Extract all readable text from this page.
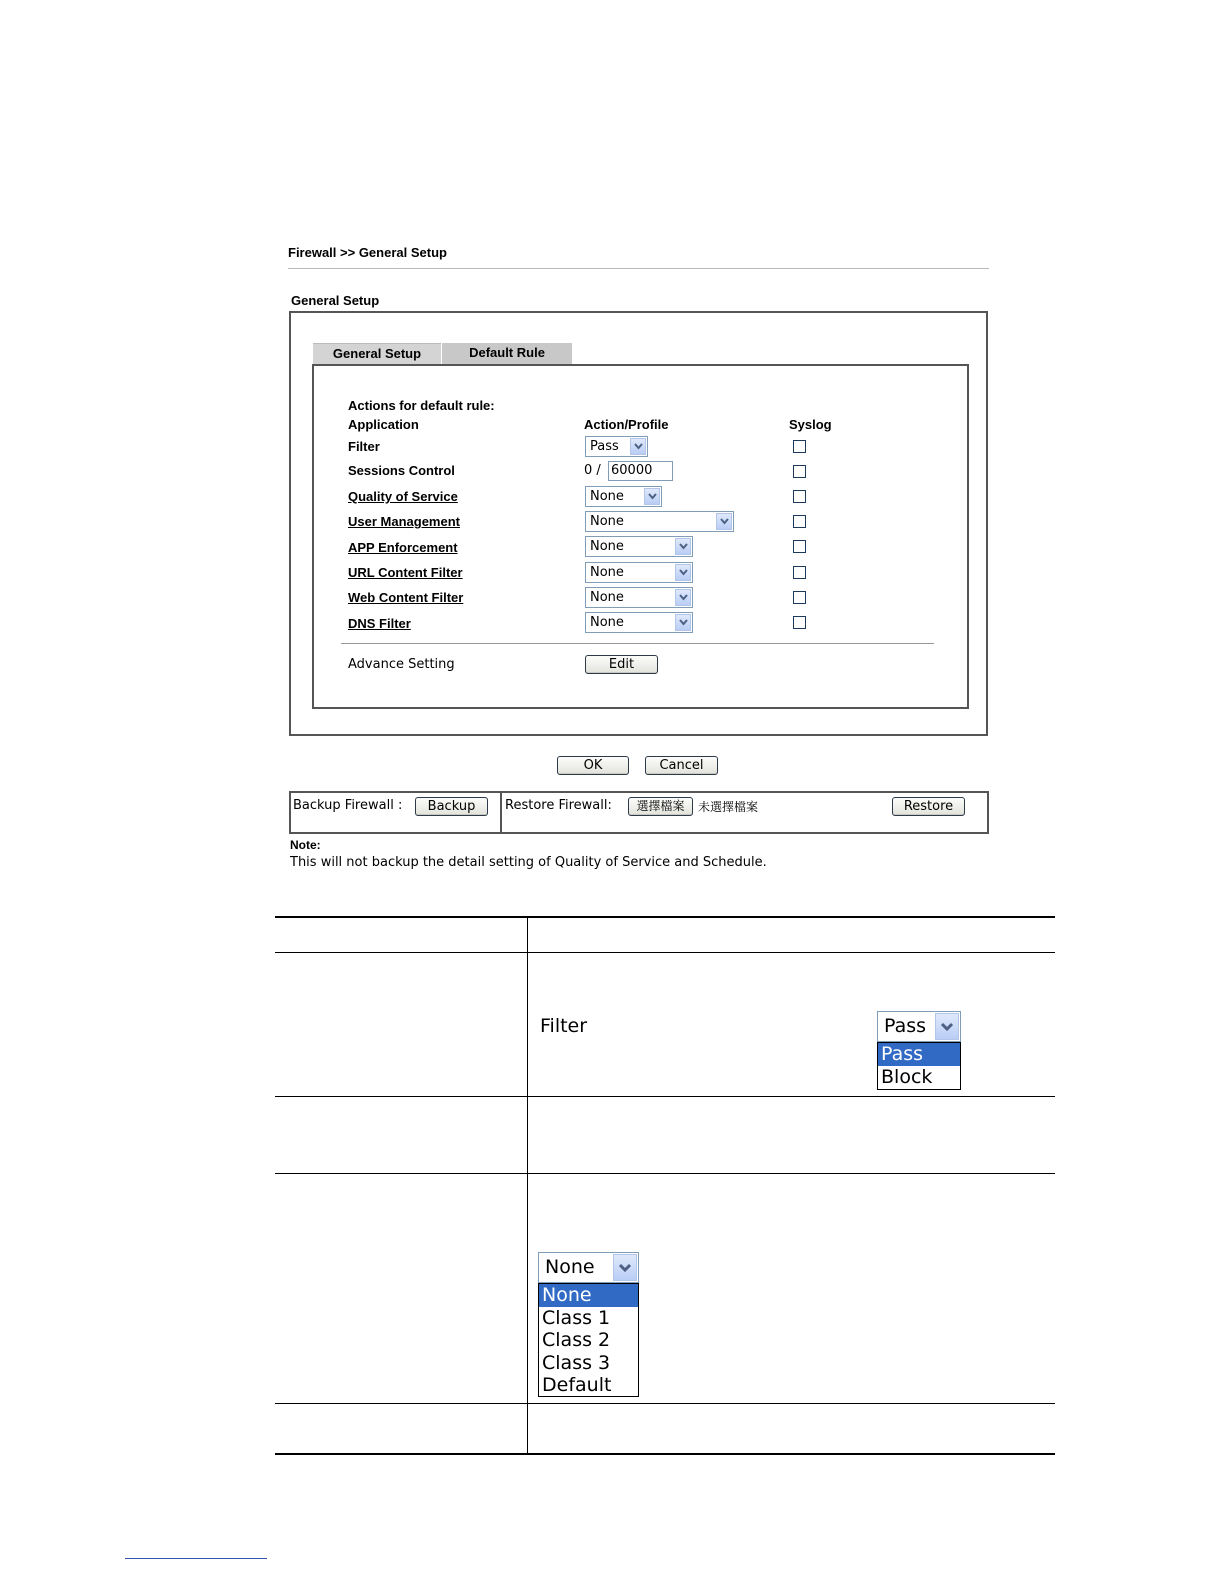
Firewall >> General Setup
General Setup
General Setup	Default Rule
Actions for default rule:
Application	Action/Profile	Syslog
Filter	Pass
Sessions Control	0 / 60000
Quality of Service	None
User Management	None
APP Enforcement	None
URL Content Filter	None
Web Content Filter	None
DNS Filter	None
Advance Setting	Edit
OK	Cancel
Backup Firewall :	Backup	Restore Firewall:	選擇檔案	未選擇檔案	Restore
Note:
This will not backup the detail setting of Quality of Service and Schedule.
Filter	Pass
Pass
Block
None
None
Class 1
Class 2
Class 3
Default
